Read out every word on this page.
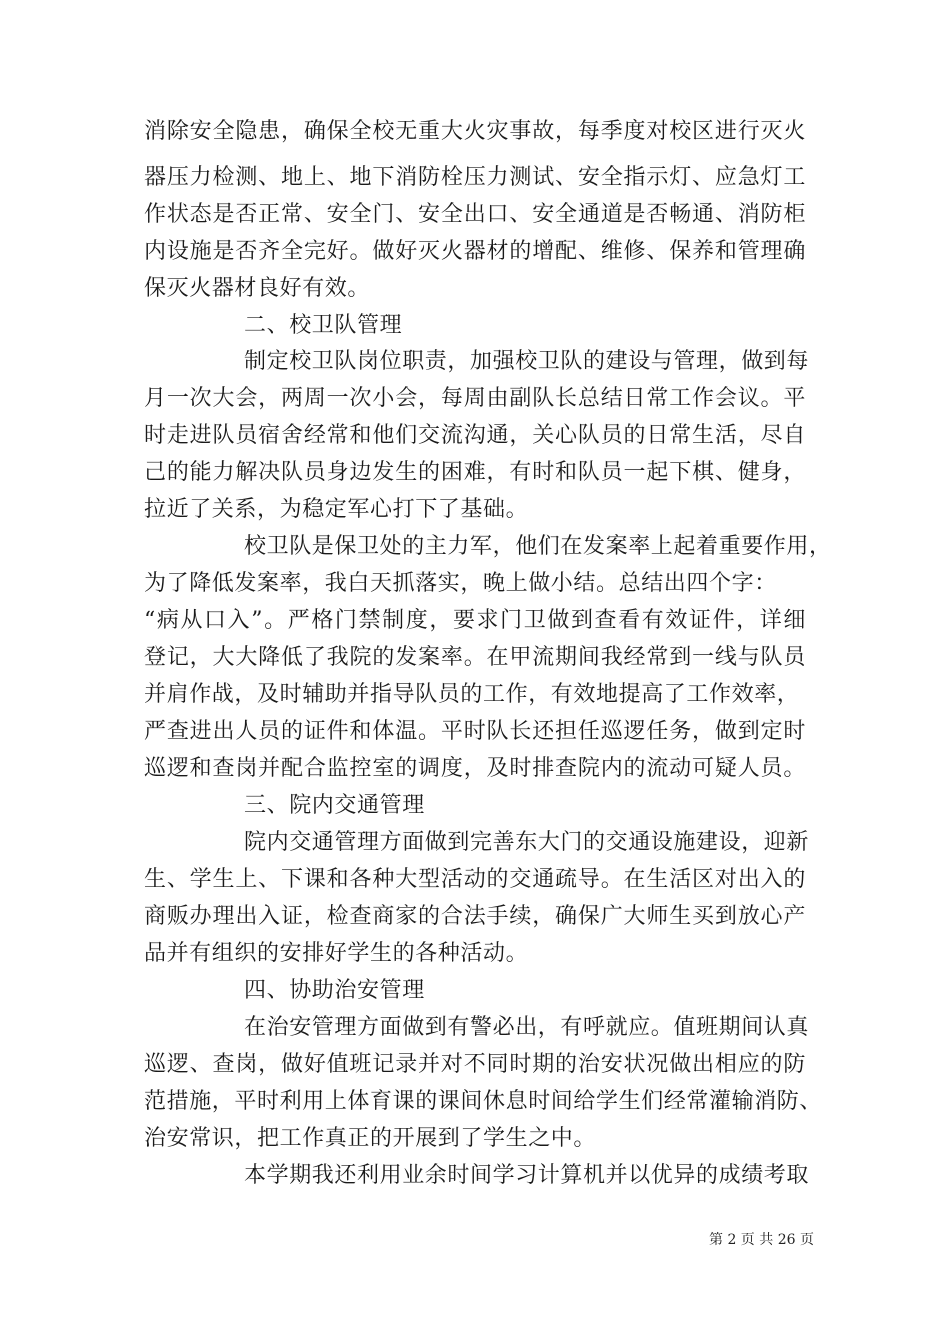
消除安全隐患，确保全校无重大火灾事故，每季度对校区进行灭火
器压力检测、地上、地下消防栓压力测试、安全指示灯、应急灯工
作状态是否正常、安全门、安全出口、安全通道是否畅通、消防柜
内设施是否齐全完好。做好灭火器材的增配、维修、保养和管理确
保灭火器材良好有效。
二、校卫队管理
制定校卫队岗位职责，加强校卫队的建设与管理，做到每
月一次大会，两周一次小会，每周由副队长总结日常工作会议。平
时走进队员宿舍经常和他们交流沟通，关心队员的日常生活，尽自
己的能力解决队员身边发生的困难，有时和队员一起下棋、健身，
拉近了关系，为稳定军心打下了基础。
校卫队是保卫处的主力军，他们在发案率上起着重要作用，
为了降低发案率，我白天抓落实，晚上做小结。总结出四个字：
“病从口入”。严格门禁制度，要求门卫做到查看有效证件，详细
登记，大大降低了我院的发案率。在甲流期间我经常到一线与队员
并肩作战，及时辅助并指导队员的工作，有效地提高了工作效率，
严查进出人员的证件和体温。平时队长还担任巡逻任务，做到定时
巡逻和查岗并配合监控室的调度，及时排查院内的流动可疑人员。
三、院内交通管理
院内交通管理方面做到完善东大门的交通设施建设，迎新
生、学生上、下课和各种大型活动的交通疏导。在生活区对出入的
商贩办理出入证，检查商家的合法手续，确保广大师生买到放心产
品并有组织的安排好学生的各种活动。
四、协助治安管理
在治安管理方面做到有警必出，有呼就应。值班期间认真
巡逻、查岗，做好值班记录并对不同时期的治安状况做出相应的防
范措施，平时利用上体育课的课间休息时间给学生们经常灌输消防、
治安常识，把工作真正的开展到了学生之中。
本学期我还利用业余时间学习计算机并以优异的成绩考取
第 2 页 共 26 页
